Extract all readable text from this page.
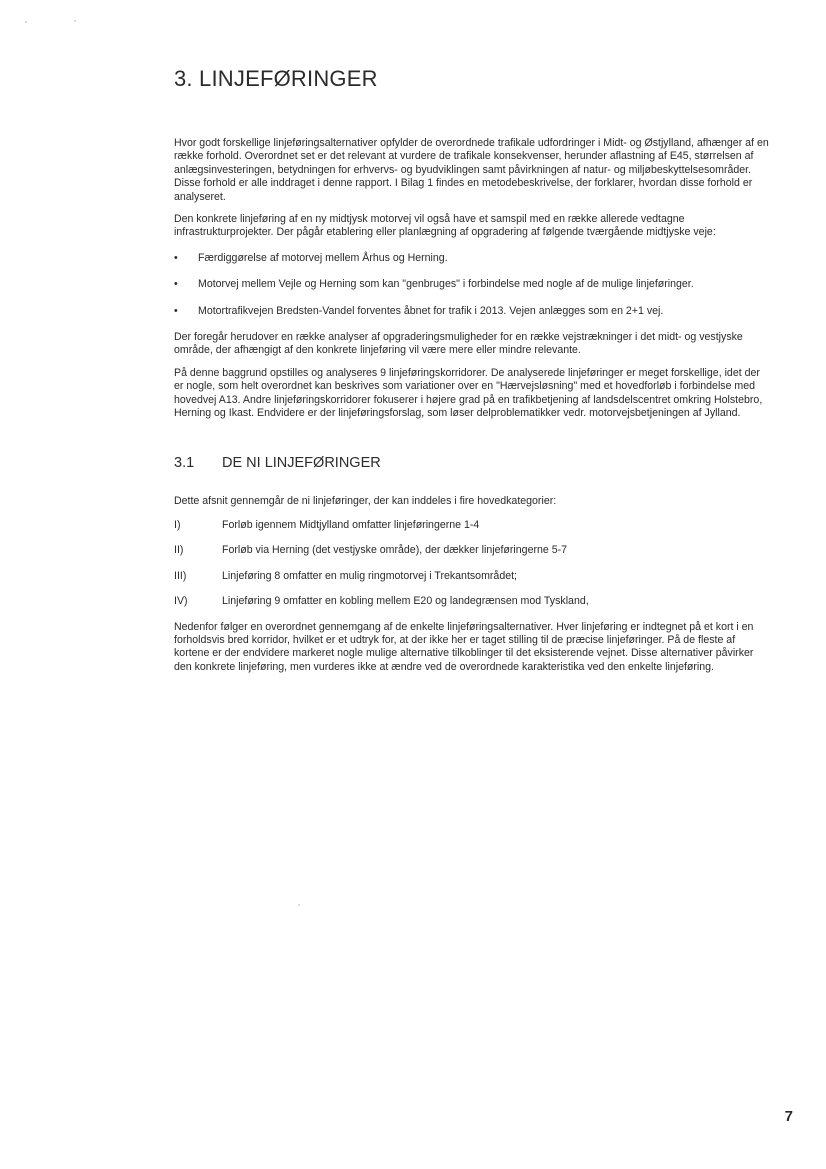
3. LINJEFØRINGER

Hvor godt forskellige linjeføringsalternativer opfylder de overordnede trafikale udfordringer i Midt- og Østjylland, afhænger af en række forhold. Overordnet set er det relevant at vurdere de trafikale konsekvenser, herunder aflastning af E45, størrelsen af anlægsinvesteringen, betydningen for erhvervs- og byudviklingen samt påvirkningen af natur- og miljøbeskyttelsesområder. Disse forhold er alle inddraget i denne rapport. I Bilag 1 findes en metodebeskrivelse, der forklarer, hvordan disse forhold er analyseret.

Den konkrete linjeføring af en ny midtjysk motorvej vil også have et samspil med en række allerede vedtagne infrastrukturprojekter. Der pågår etablering eller planlægning af opgradering af følgende tværgående midtjyske veje:

• Færdiggørelse af motorvej mellem Århus og Herning.
• Motorvej mellem Vejle og Herning som kan "genbruges" i forbindelse med nogle af de mulige linjeføringer.
• Motortrafikvejen Bredsten-Vandel forventes åbnet for trafik i 2013. Vejen anlægges som en 2+1 vej.

Der foregår herudover en række analyser af opgraderingsmuligheder for en række vejstrækninger i det midt- og vestjyske område, der afhængigt af den konkrete linjeføring vil være mere eller mindre relevante.

På denne baggrund opstilles og analyseres 9 linjeføringskorridorer. De analyserede linjeføringer er meget forskellige, idet der er nogle, som helt overordnet kan beskrives som variationer over en "Hærvejsløsning" med et hovedforløb i forbindelse med hovedvej A13. Andre linjeføringskorridorer fokuserer i højere grad på en trafikbetjening af landsdelscentret omkring Holstebro, Herning og Ikast. Endvidere er der linjeføringsforslag, som løser delproblematikker vedr. motorvejsbetjeningen af Jylland.

3.1	DE NI LINJEFØRINGER

Dette afsnit gennemgår de ni linjeføringer, der kan inddeles i fire hovedkategorier:

I)	Forløb igennem Midtjylland omfatter linjeføringerne 1-4
II)	Forløb via Herning (det vestjyske område), der dækker linjeføringerne 5-7
III)	Linjeføring 8 omfatter en mulig ringmotorvej i Trekantsområdet;
IV)	Linjeføring 9 omfatter en kobling mellem E20 og landegrænsen mod Tyskland,

Nedenfor følger en overordnet gennemgang af de enkelte linjeføringsalternativer. Hver linjeføring er indtegnet på et kort i en forholdsvis bred korridor, hvilket er et udtryk for, at der ikke her er taget stilling til de præcise linjeføringer. På de fleste af kortene er der endvidere markeret nogle mulige alternative tilkoblinger til det eksisterende vejnet. Disse alternativer påvirker den konkrete linjeføring, men vurderes ikke at ændre ved de overordnede karakteristika ved den enkelte linjeføring.

7
